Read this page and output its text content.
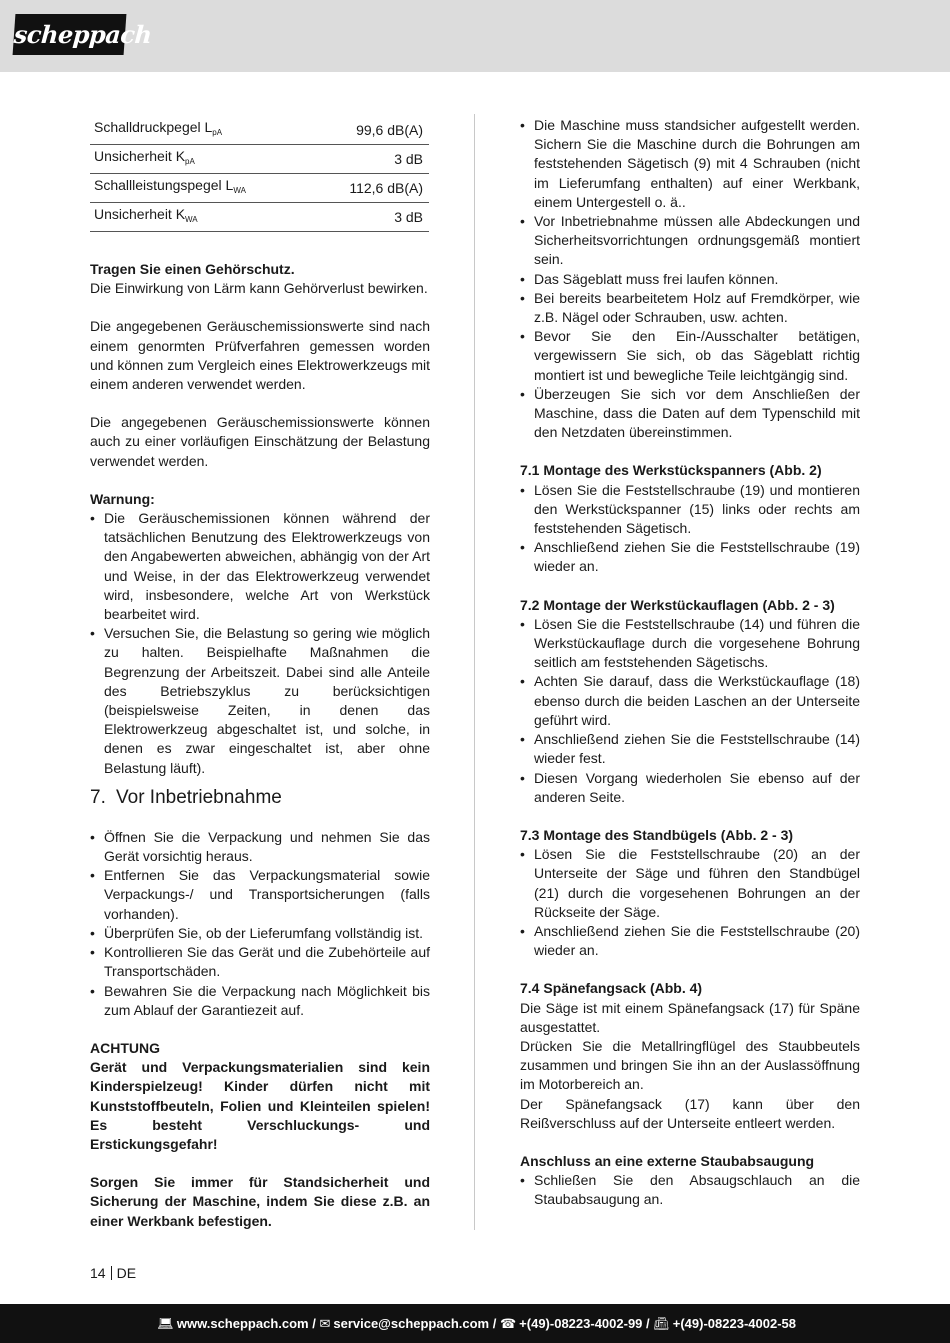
scheppach
Schalldruckpegel $L_{pA}$	99,6 dB(A)
Unsicherheit $K_{pA}$	3 dB
Schallleistungspegel $L_{WA}$	112,6 dB(A)
Unsicherheit $K_{WA}$	3 dB

Tragen Sie einen Gehörschutz.

Die Einwirkung von Lärm kann Gehörverlust bewirken.

Die angegebenen Geräuschemissionswerte sind nach einem genormten Prüfverfahren gemessen worden und können zum Vergleich eines Elektrowerkzeugs mit einem anderen verwendet werden.

Die angegebenen Geräuschemissionswerte können auch zu einer vorläufigen Einschätzung der Belastung verwendet werden.

Warnung:

• Die Geräuschemissionen können während der tatsächlichen Benutzung des Elektrowerkzeugs von den Angabewerten abweichen, abhängig von der Art und Weise, in der das Elektrowerkzeug verwendet wird, insbesondere, welche Art von Werkstück bearbeitet wird.
• Versuchen Sie, die Belastung so gering wie möglich zu halten. Beispielhafte Maßnahmen die Begrenzung der Arbeitszeit. Dabei sind alle Anteile des Betriebszyklus zu berücksichtigen (beispielsweise Zeiten, in denen das Elektrowerkzeug abgeschaltet ist, und solche, in denen es zwar eingeschaltet ist, aber ohne Belastung läuft).
7. Vor Inbetriebnahme
• Öffnen Sie die Verpackung und nehmen Sie das Gerät vorsichtig heraus.
• Entfernen Sie das Verpackungsmaterial sowie Verpackungs-/ und Transportsicherungen (falls vorhanden).
• Überprüfen Sie, ob der Lieferumfang vollständig ist.
• Kontrollieren Sie das Gerät und die Zubehörteile auf Transportschäden.
• Bewahren Sie die Verpackung nach Möglichkeit bis zum Ablauf der Garantiezeit auf.

ACHTUNG

Gerät und Verpackungsmaterialien sind kein Kinderspielzeug! Kinder dürfen nicht mit Kunststoffbeuteln, Folien und Kleinteilen spielen! Es besteht Verschluckungs- und Erstickungsgefahr!

Sorgen Sie immer für Standsicherheit und Sicherung der Maschine, indem Sie diese z.B. an einer Werkbank befestigen.

• Die Maschine muss standsicher aufgestellt werden. Sichern Sie die Maschine durch die Bohrungen am feststehenden Sägetisch (9) mit 4 Schrauben (nicht im Lieferumfang enthalten) auf einer Werkbank, einem Untergestell o. ä..
• Vor Inbetriebnahme müssen alle Abdeckungen und Sicherheitsvorrichtungen ordnungsgemäß montiert sein.
• Das Sägeblatt muss frei laufen können.
• Bei bereits bearbeitetem Holz auf Fremdkörper, wie z.B. Nägel oder Schrauben, usw. achten.
• Bevor Sie den Ein-/Ausschalter betätigen, vergewissern Sie sich, ob das Sägeblatt richtig montiert ist und bewegliche Teile leichtgängig sind.
• Überzeugen Sie sich vor dem Anschließen der Maschine, dass die Daten auf dem Typenschild mit den Netzdaten übereinstimmen.
7.1 Montage des Werkstückspanners (Abb. 2)
• Lösen Sie die Feststellschraube (19) und montieren den Werkstückspanner (15) links oder rechts am feststehenden Sägetisch.
• Anschließend ziehen Sie die Feststellschraube (19) wieder an.
7.2 Montage der Werkstückauflagen (Abb. 2 - 3)
• Lösen Sie die Feststellschraube (14) und führen die Werkstückauflage durch die vorgesehene Bohrung seitlich am feststehenden Sägetischs.
• Achten Sie darauf, dass die Werkstückauflage (18) ebenso durch die beiden Laschen an der Unterseite geführt wird.
• Anschließend ziehen Sie die Feststellschraube (14) wieder fest.
• Diesen Vorgang wiederholen Sie ebenso auf der anderen Seite.
7.3 Montage des Standbügels (Abb. 2 - 3)
• Lösen Sie die Feststellschraube (20) an der Unterseite der Säge und führen den Standbügel (21) durch die vorgesehenen Bohrungen an der Rückseite der Säge.
• Anschließend ziehen Sie die Feststellschraube (20) wieder an.
7.4 Spänefangsack (Abb. 4)

Die Säge ist mit einem Spänefangsack (17) für Späne ausgestattet.

Drücken Sie die Metallringflügel des Staubbeutels zusammen und bringen Sie ihn an der Auslassöffnung im Motorbereich an.

Der Spänefangsack (17) kann über den Reißverschluss auf der Unterseite entleert werden.

Anschluss an eine externe Staubabsaugung
• Schließen Sie den Absaugschlauch an die Staubabsaugung an.
14 DE
💻︎ www.scheppach.com / ✉ service@scheppach.com / ☎ +(49)-08223-4002-99 / 📠︎ +(49)-08223-4002-58
